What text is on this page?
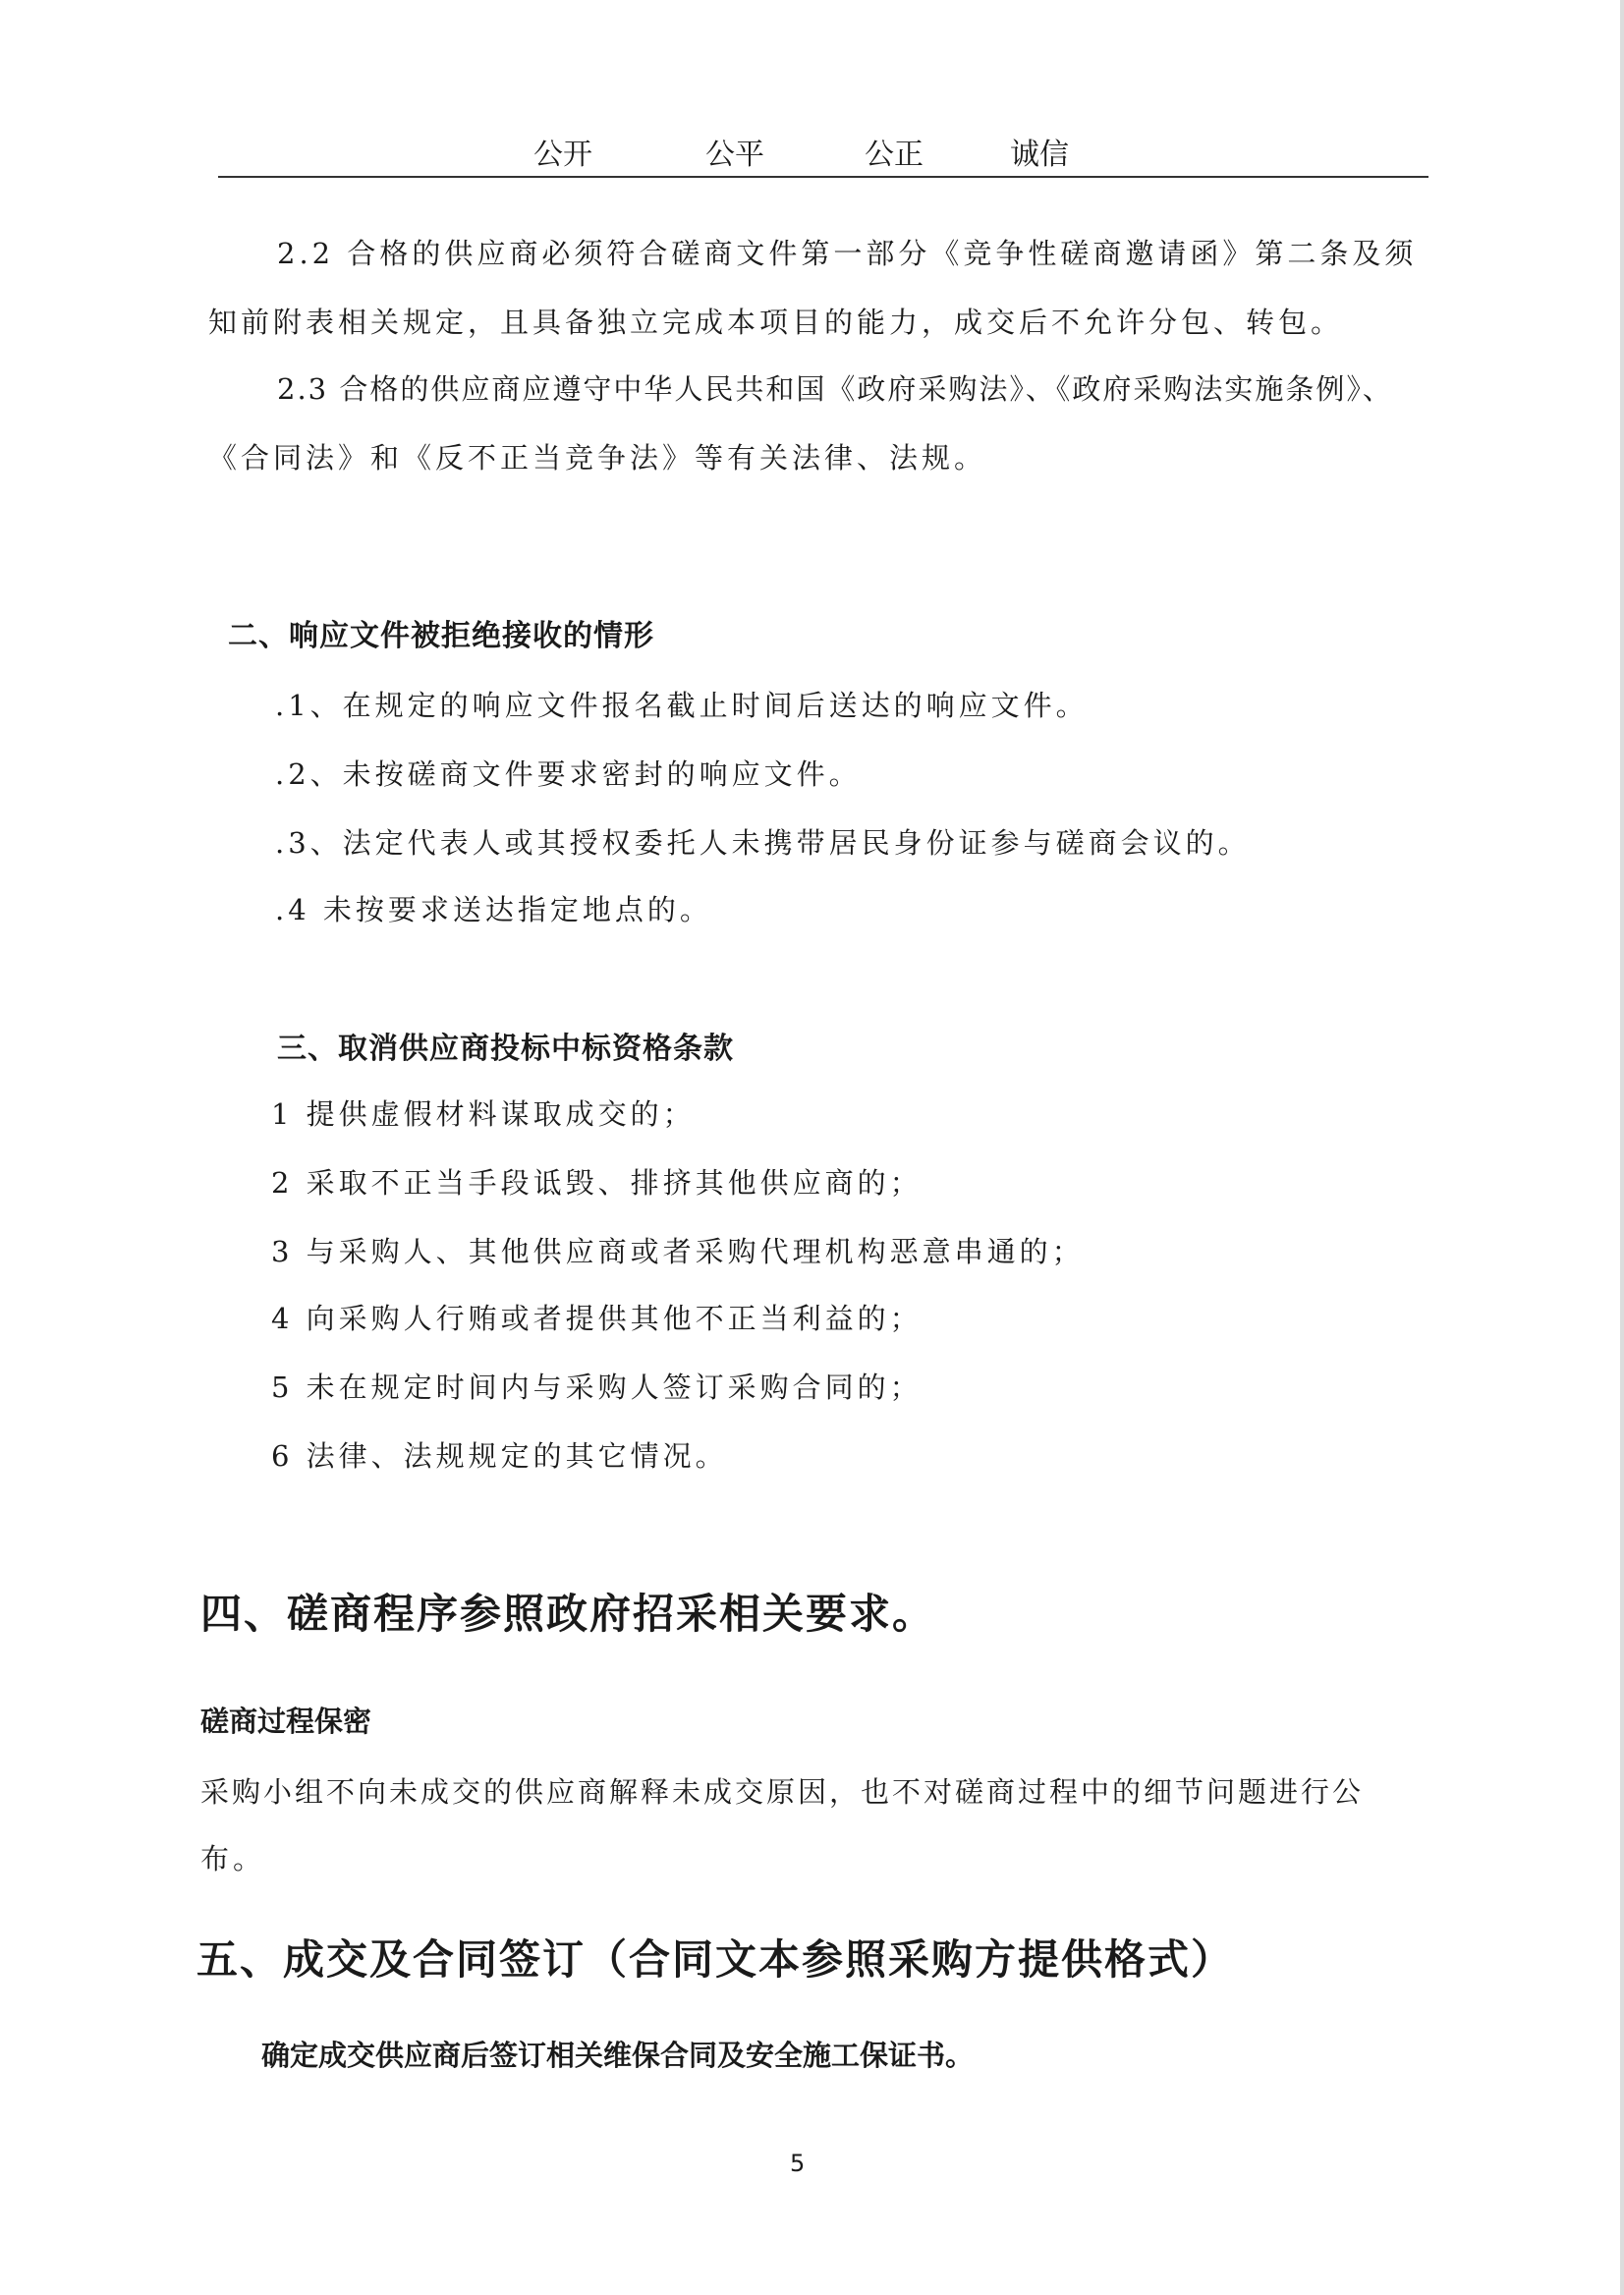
公开	公平	公正	诚信
2.2 合格的供应商必须符合磋商文件第一部分《竞争性磋商邀请函》第二条及须
知前附表相关规定，且具备独立完成本项目的能力，成交后不允许分包、转包。
2.3 合格的供应商应遵守中华人民共和国《政府采购法》、《政府采购法实施条例》、
《合同法》和《反不正当竞争法》等有关法律、法规。
二、响应文件被拒绝接收的情形
.1、在规定的响应文件报名截止时间后送达的响应文件。
.2、未按磋商文件要求密封的响应文件。
.3、法定代表人或其授权委托人未携带居民身份证参与磋商会议的。
.4 未按要求送达指定地点的。
三、取消供应商投标中标资格条款
1 提供虚假材料谋取成交的；
2 采取不正当手段诋毁、排挤其他供应商的；
3 与采购人、其他供应商或者采购代理机构恶意串通的；
4 向采购人行贿或者提供其他不正当利益的；
5 未在规定时间内与采购人签订采购合同的；
6 法律、法规规定的其它情况。
四、磋商程序参照政府招采相关要求。
磋商过程保密
采购小组不向未成交的供应商解释未成交原因，也不对磋商过程中的细节问题进行公
布。
五、成交及合同签订（合同文本参照采购方提供格式）
确定成交供应商后签订相关维保合同及安全施工保证书。
5
